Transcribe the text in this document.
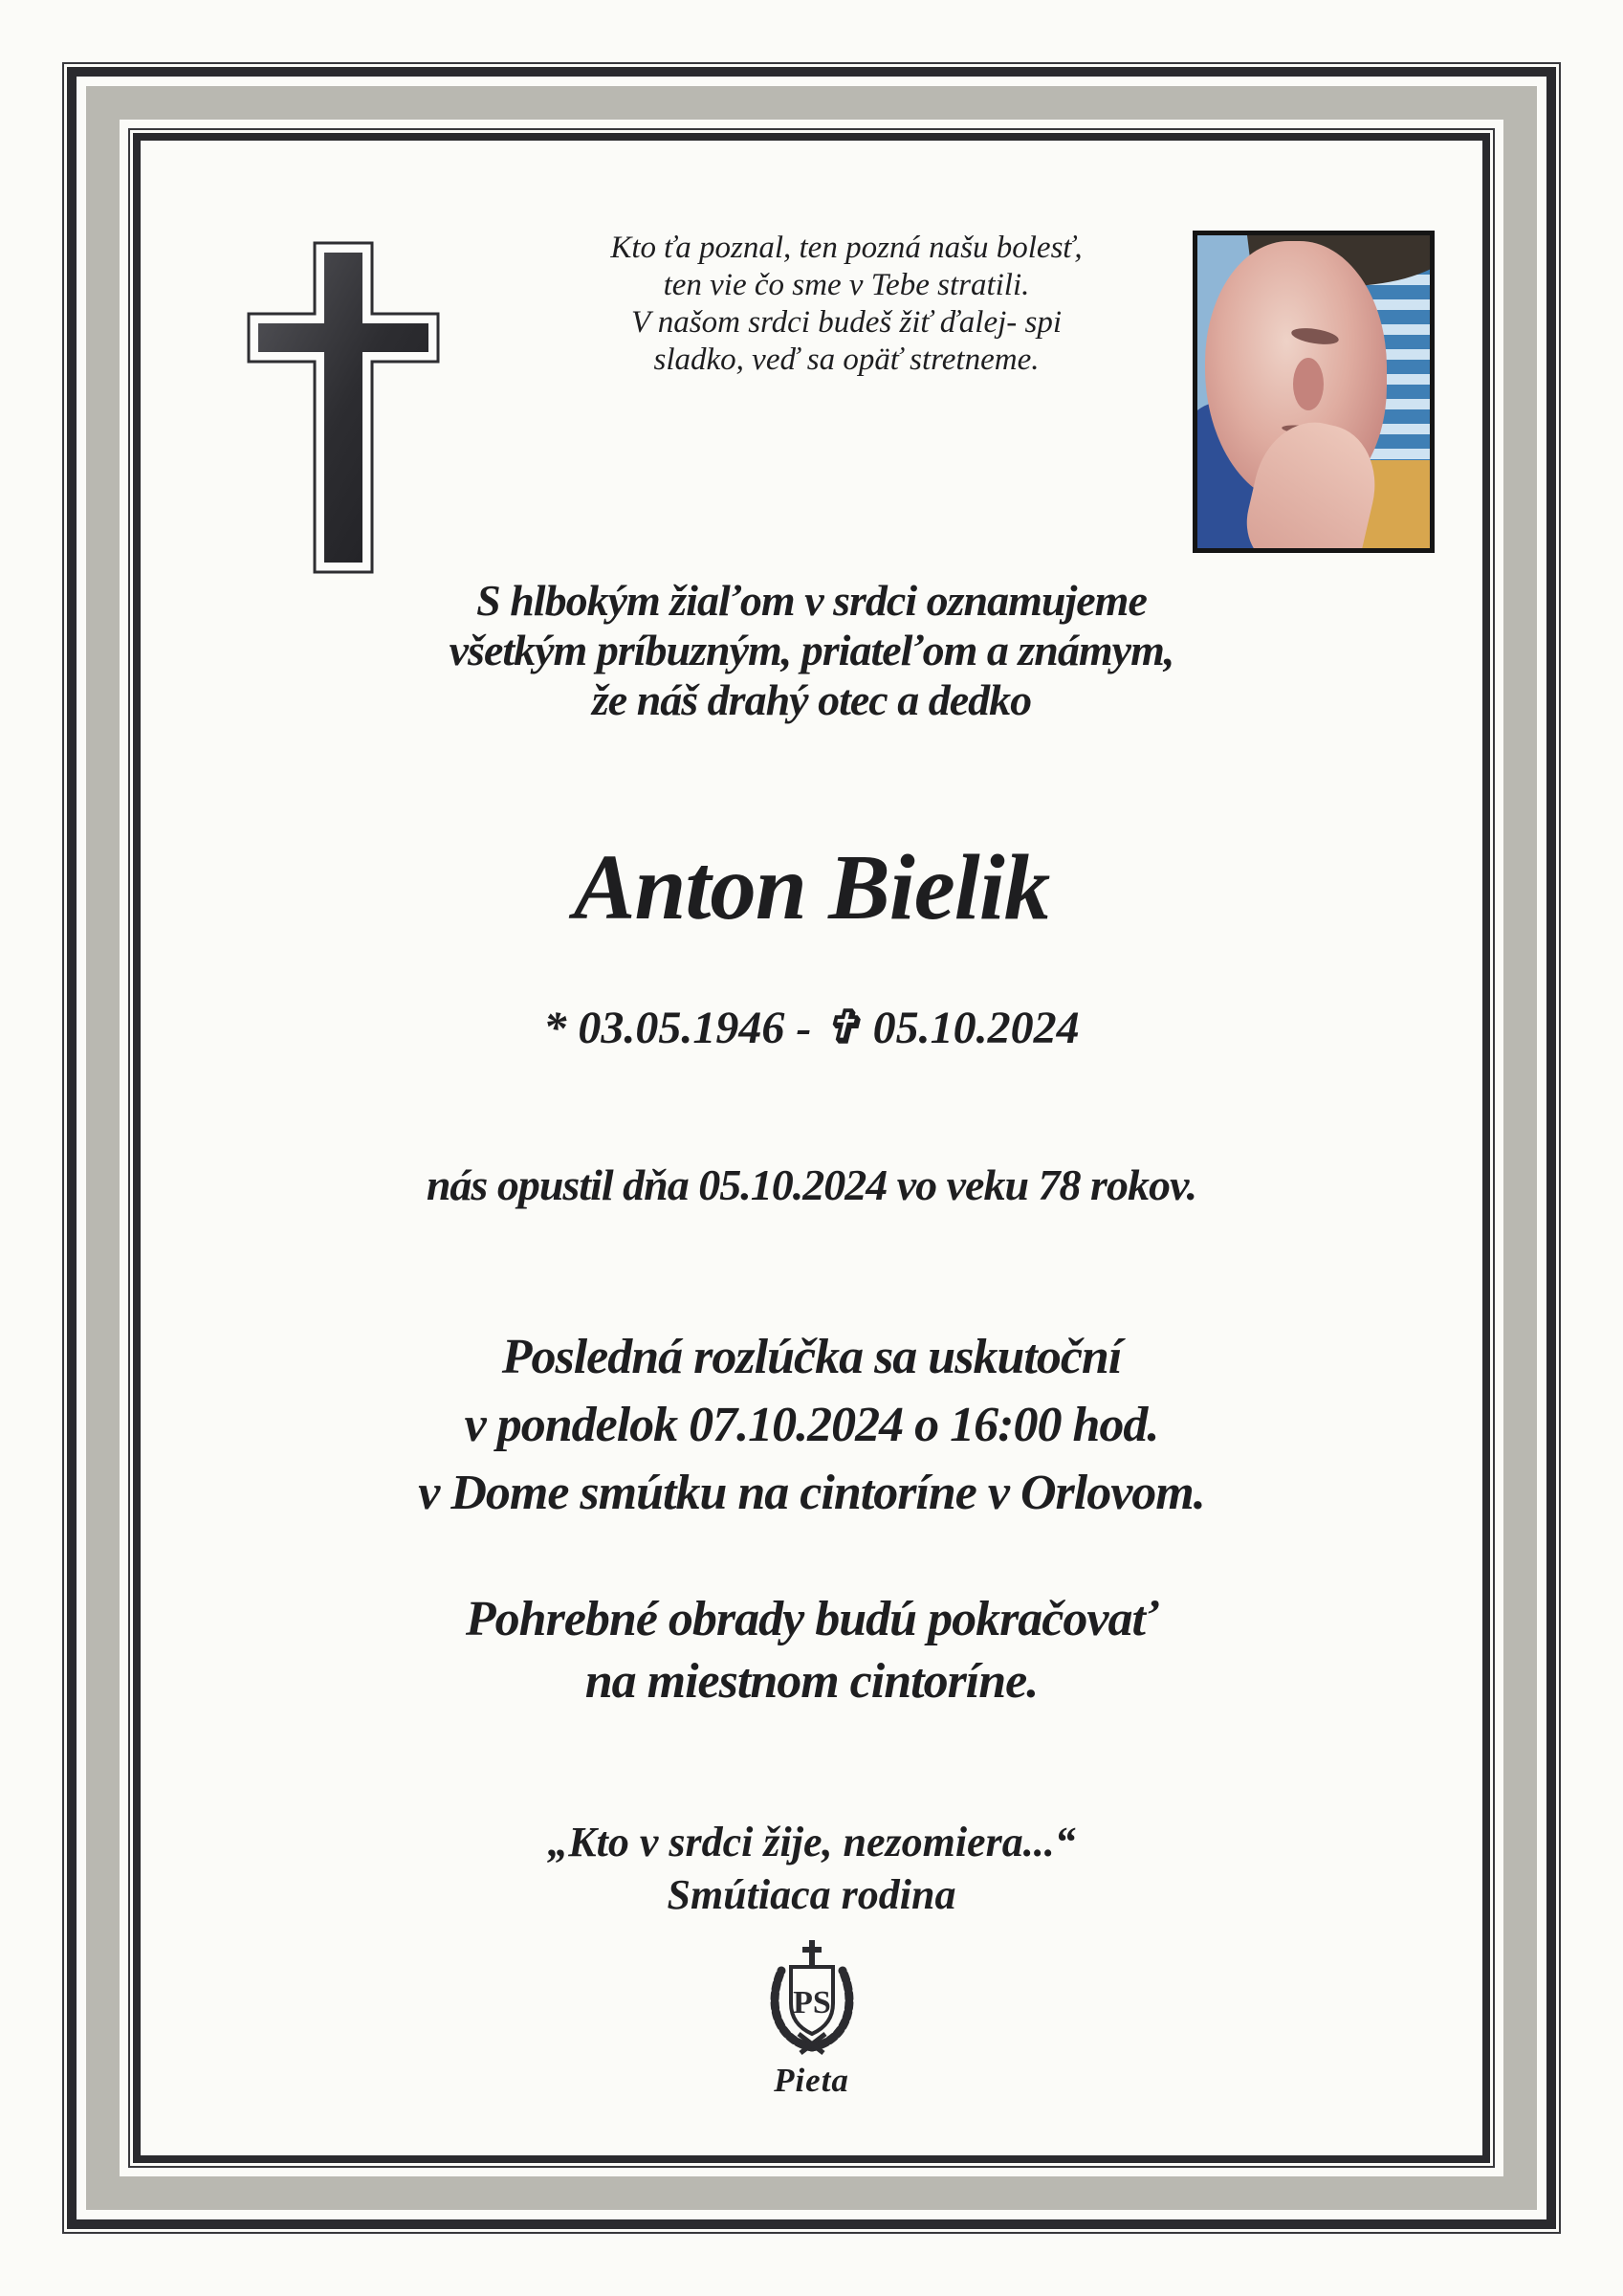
Kto ťa poznal, ten pozná našu bolesť,
ten vie čo sme v Tebe stratili.
V našom srdci budeš žiť ďalej- spi
sladko, veď sa opäť stretneme.
S hlbokým žiaľom v srdci oznamujeme
všetkým príbuzným, priateľom a známym,
že náš drahý otec a dedko
Anton Bielik
* 03.05.1946 - ✞ 05.10.2024
nás opustil dňa 05.10.2024 vo veku 78 rokov.
Posledná rozlúčka sa uskutoční
v pondelok 07.10.2024 o 16:00 hod.
v Dome smútku na cintoríne v Orlovom.
Pohrebné obrady budú pokračovať
na miestnom cintoríne.
„Kto v srdci žije, nezomiera...“
Smútiaca rodina
PS
Pieta
